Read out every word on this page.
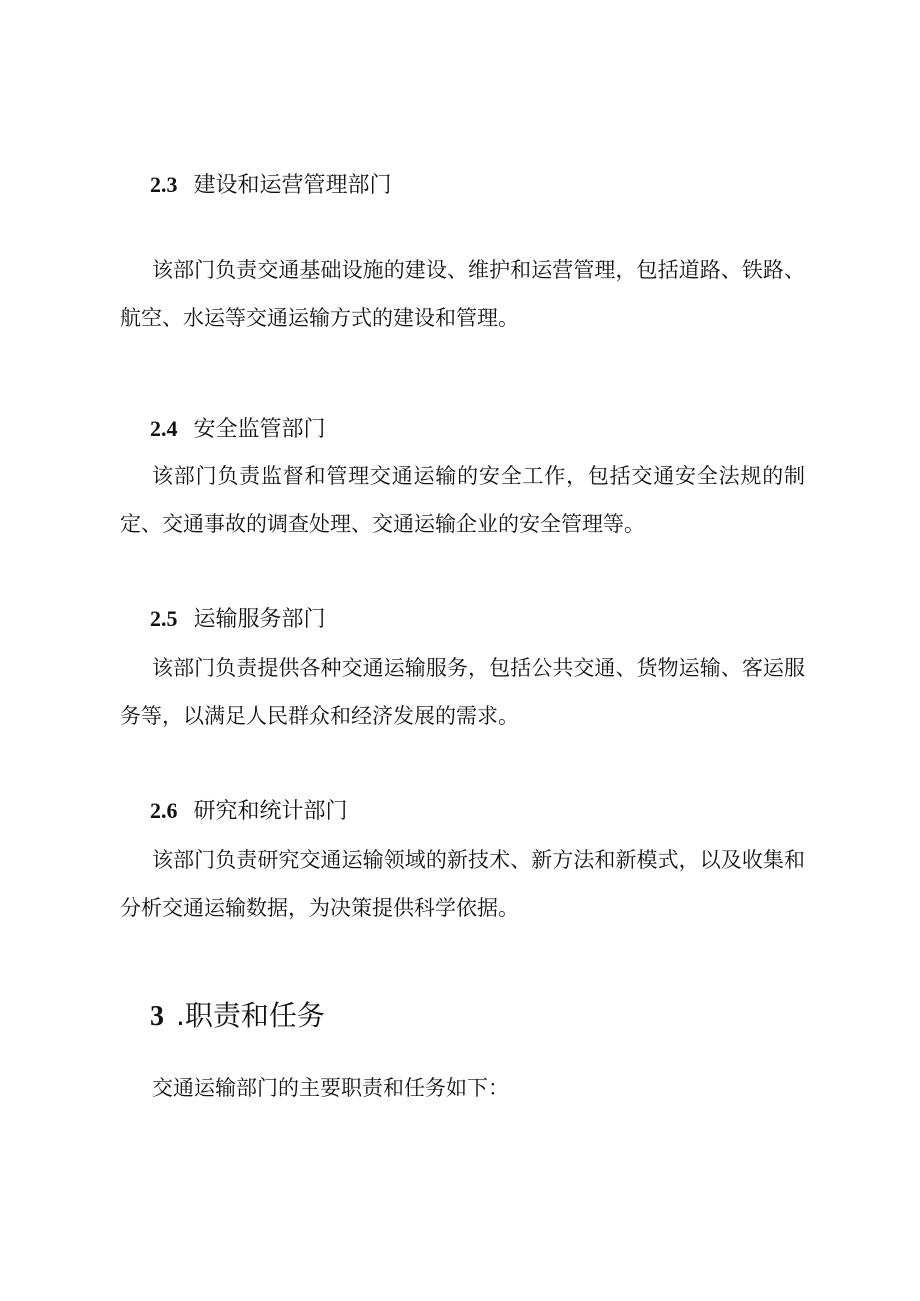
2.3 建设和运营管理部门
该部门负责交通基础设施的建设、维护和运营管理，包括道路、铁路、航空、水运等交通运输方式的建设和管理。
2.4 安全监管部门
该部门负责监督和管理交通运输的安全工作，包括交通安全法规的制定、交通事故的调查处理、交通运输企业的安全管理等。
2.5 运输服务部门
该部门负责提供各种交通运输服务，包括公共交通、货物运输、客运服务等，以满足人民群众和经济发展的需求。
2.6 研究和统计部门
该部门负责研究交通运输领域的新技术、新方法和新模式，以及收集和分析交通运输数据，为决策提供科学依据。
3 .职责和任务
交通运输部门的主要职责和任务如下：
